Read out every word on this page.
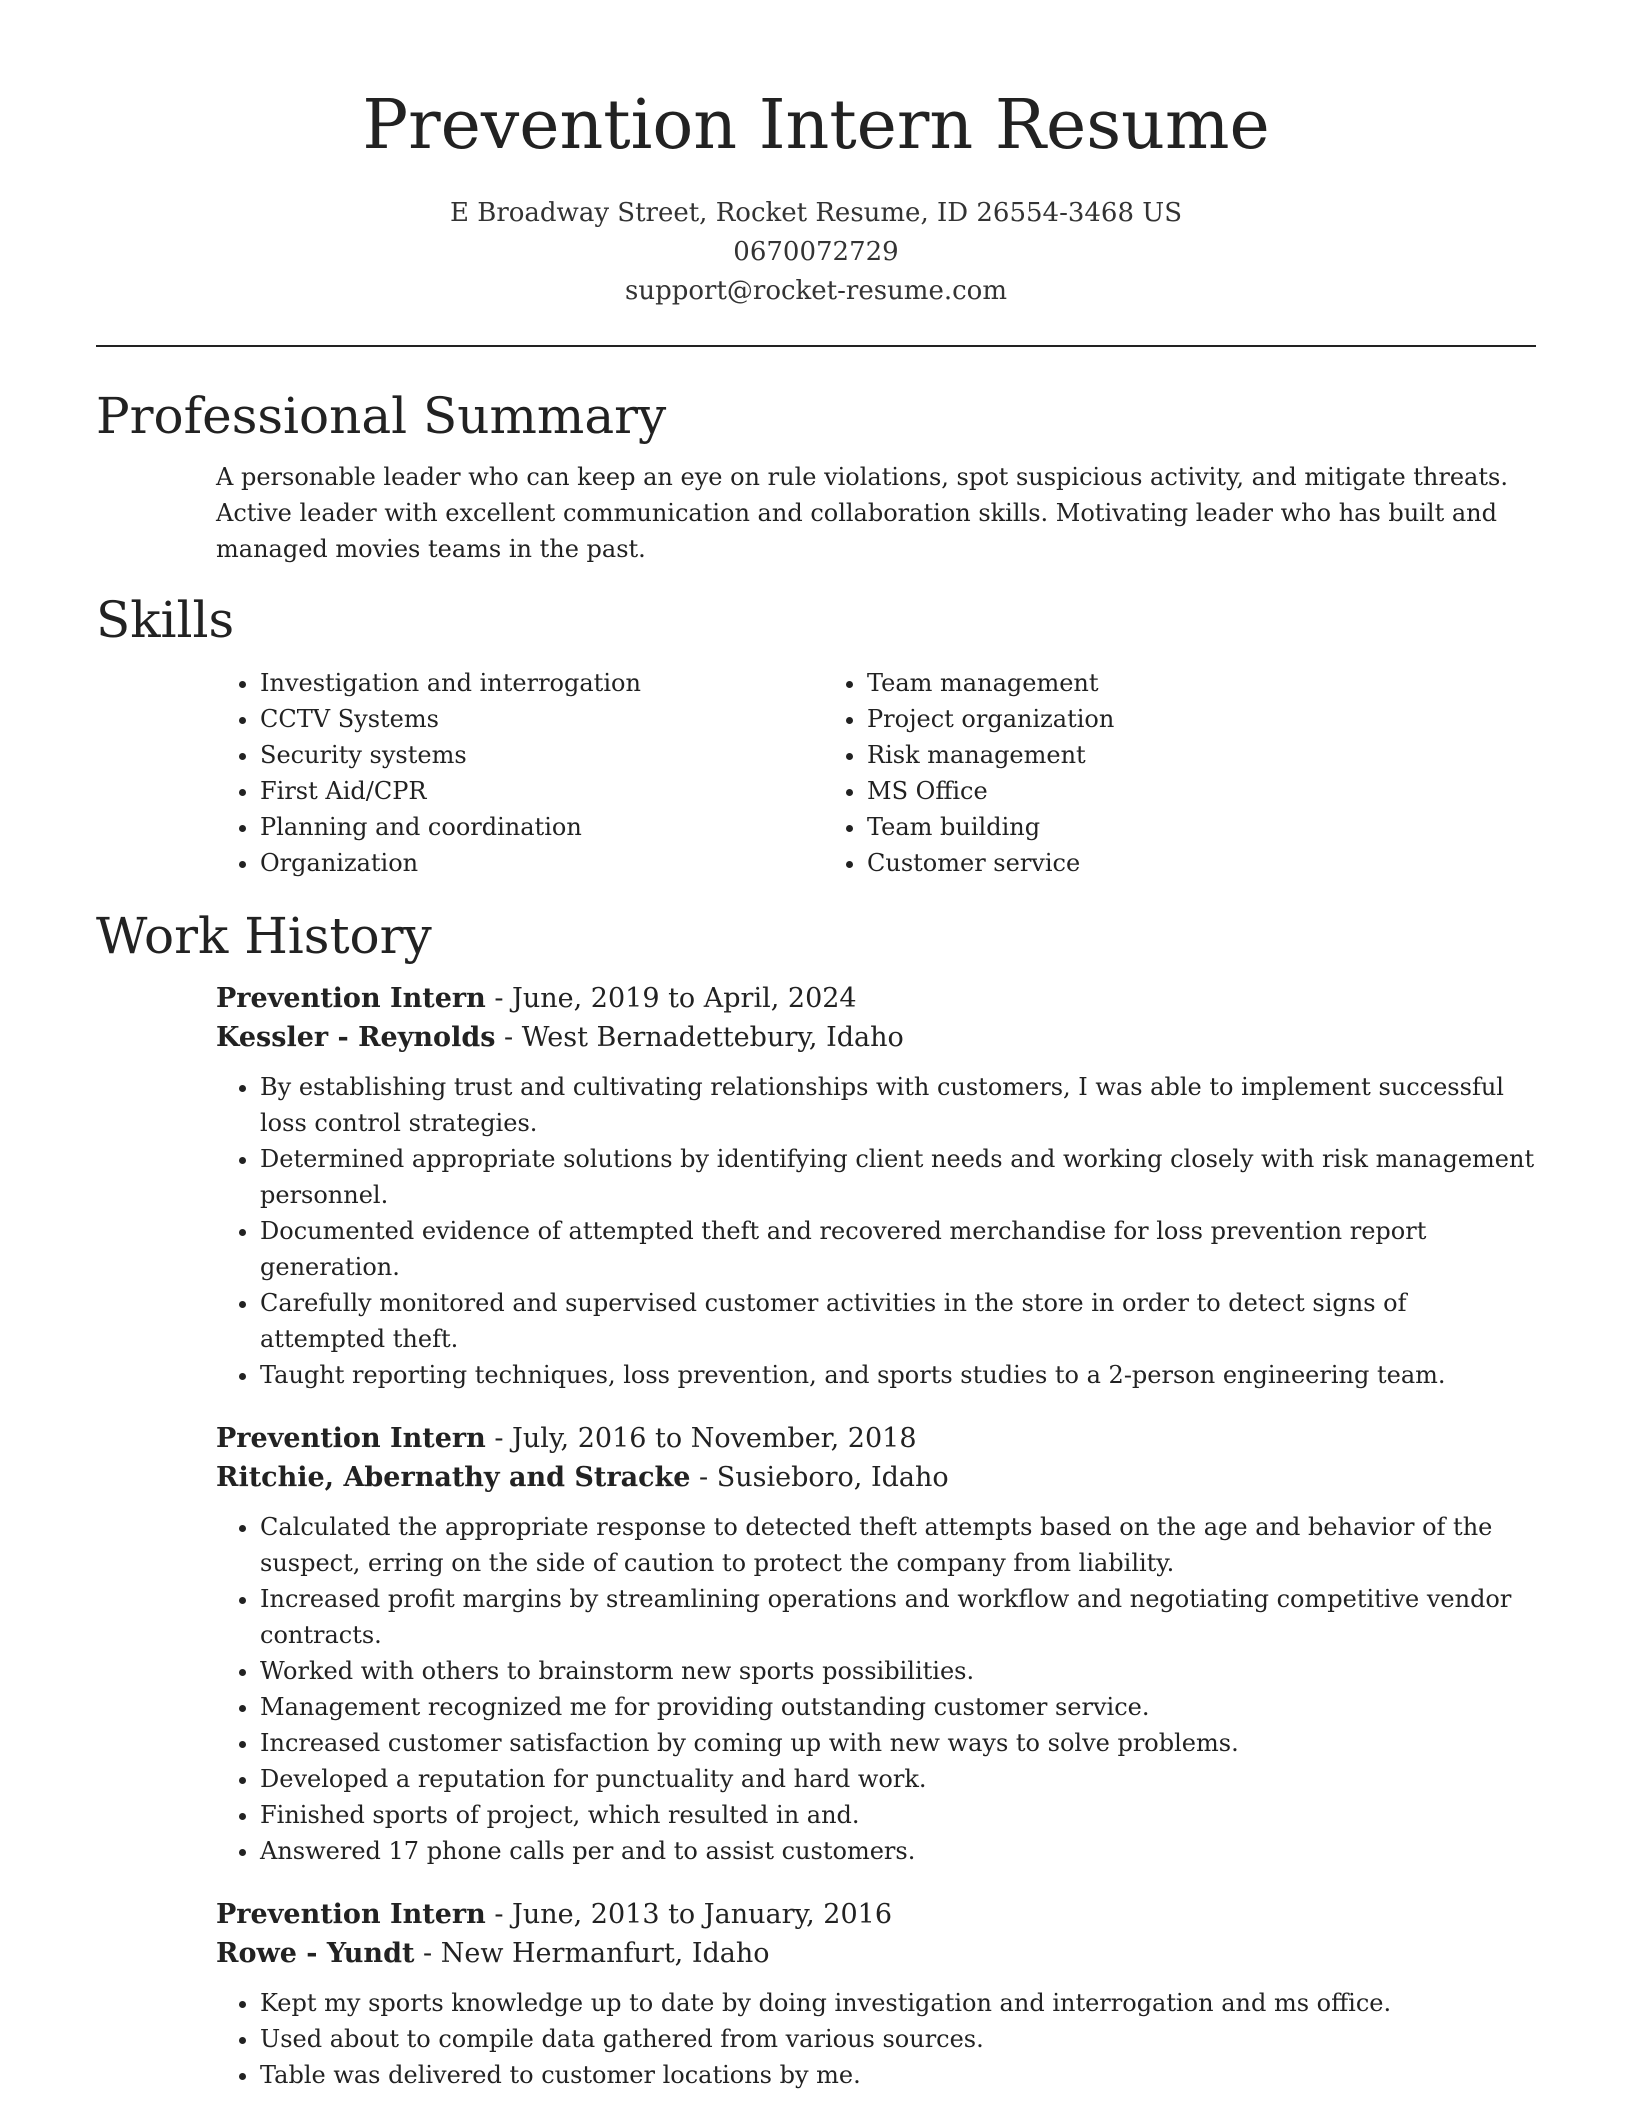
Prevention Intern Resume
E Broadway Street, Rocket Resume, ID 26554-3468 US
0670072729
support@rocket-resume.com
Professional Summary

A personable leader who can keep an eye on rule violations, spot suspicious activity, and mitigate threats. Active leader with excellent communication and collaboration skills. Motivating leader who has built and managed movies teams in the past.

Skills
• Investigation and interrogation
• CCTV Systems
• Security systems
• First Aid/CPR
• Planning and coordination
• Organization
• Team management
• Project organization
• Risk management
• MS Office
• Team building
• Customer service
Work History
Prevention Intern - June, 2019 to April, 2024
Kessler - Reynolds - West Bernadettebury, Idaho
• By establishing trust and cultivating relationships with customers, I was able to implement successful loss control strategies.
• Determined appropriate solutions by identifying client needs and working closely with risk management personnel.
• Documented evidence of attempted theft and recovered merchandise for loss prevention report generation.
• Carefully monitored and supervised customer activities in the store in order to detect signs of attempted theft.
• Taught reporting techniques, loss prevention, and sports studies to a 2-person engineering team.
Prevention Intern - July, 2016 to November, 2018
Ritchie, Abernathy and Stracke - Susieboro, Idaho
• Calculated the appropriate response to detected theft attempts based on the age and behavior of the suspect, erring on the side of caution to protect the company from liability.
• Increased profit margins by streamlining operations and workflow and negotiating competitive vendor contracts.
• Worked with others to brainstorm new sports possibilities.
• Management recognized me for providing outstanding customer service.
• Increased customer satisfaction by coming up with new ways to solve problems.
• Developed a reputation for punctuality and hard work.
• Finished sports of project, which resulted in and.
• Answered 17 phone calls per and to assist customers.
Prevention Intern - June, 2013 to January, 2016
Rowe - Yundt - New Hermanfurt, Idaho
• Kept my sports knowledge up to date by doing investigation and interrogation and ms office.
• Used about to compile data gathered from various sources.
• Table was delivered to customer locations by me.
